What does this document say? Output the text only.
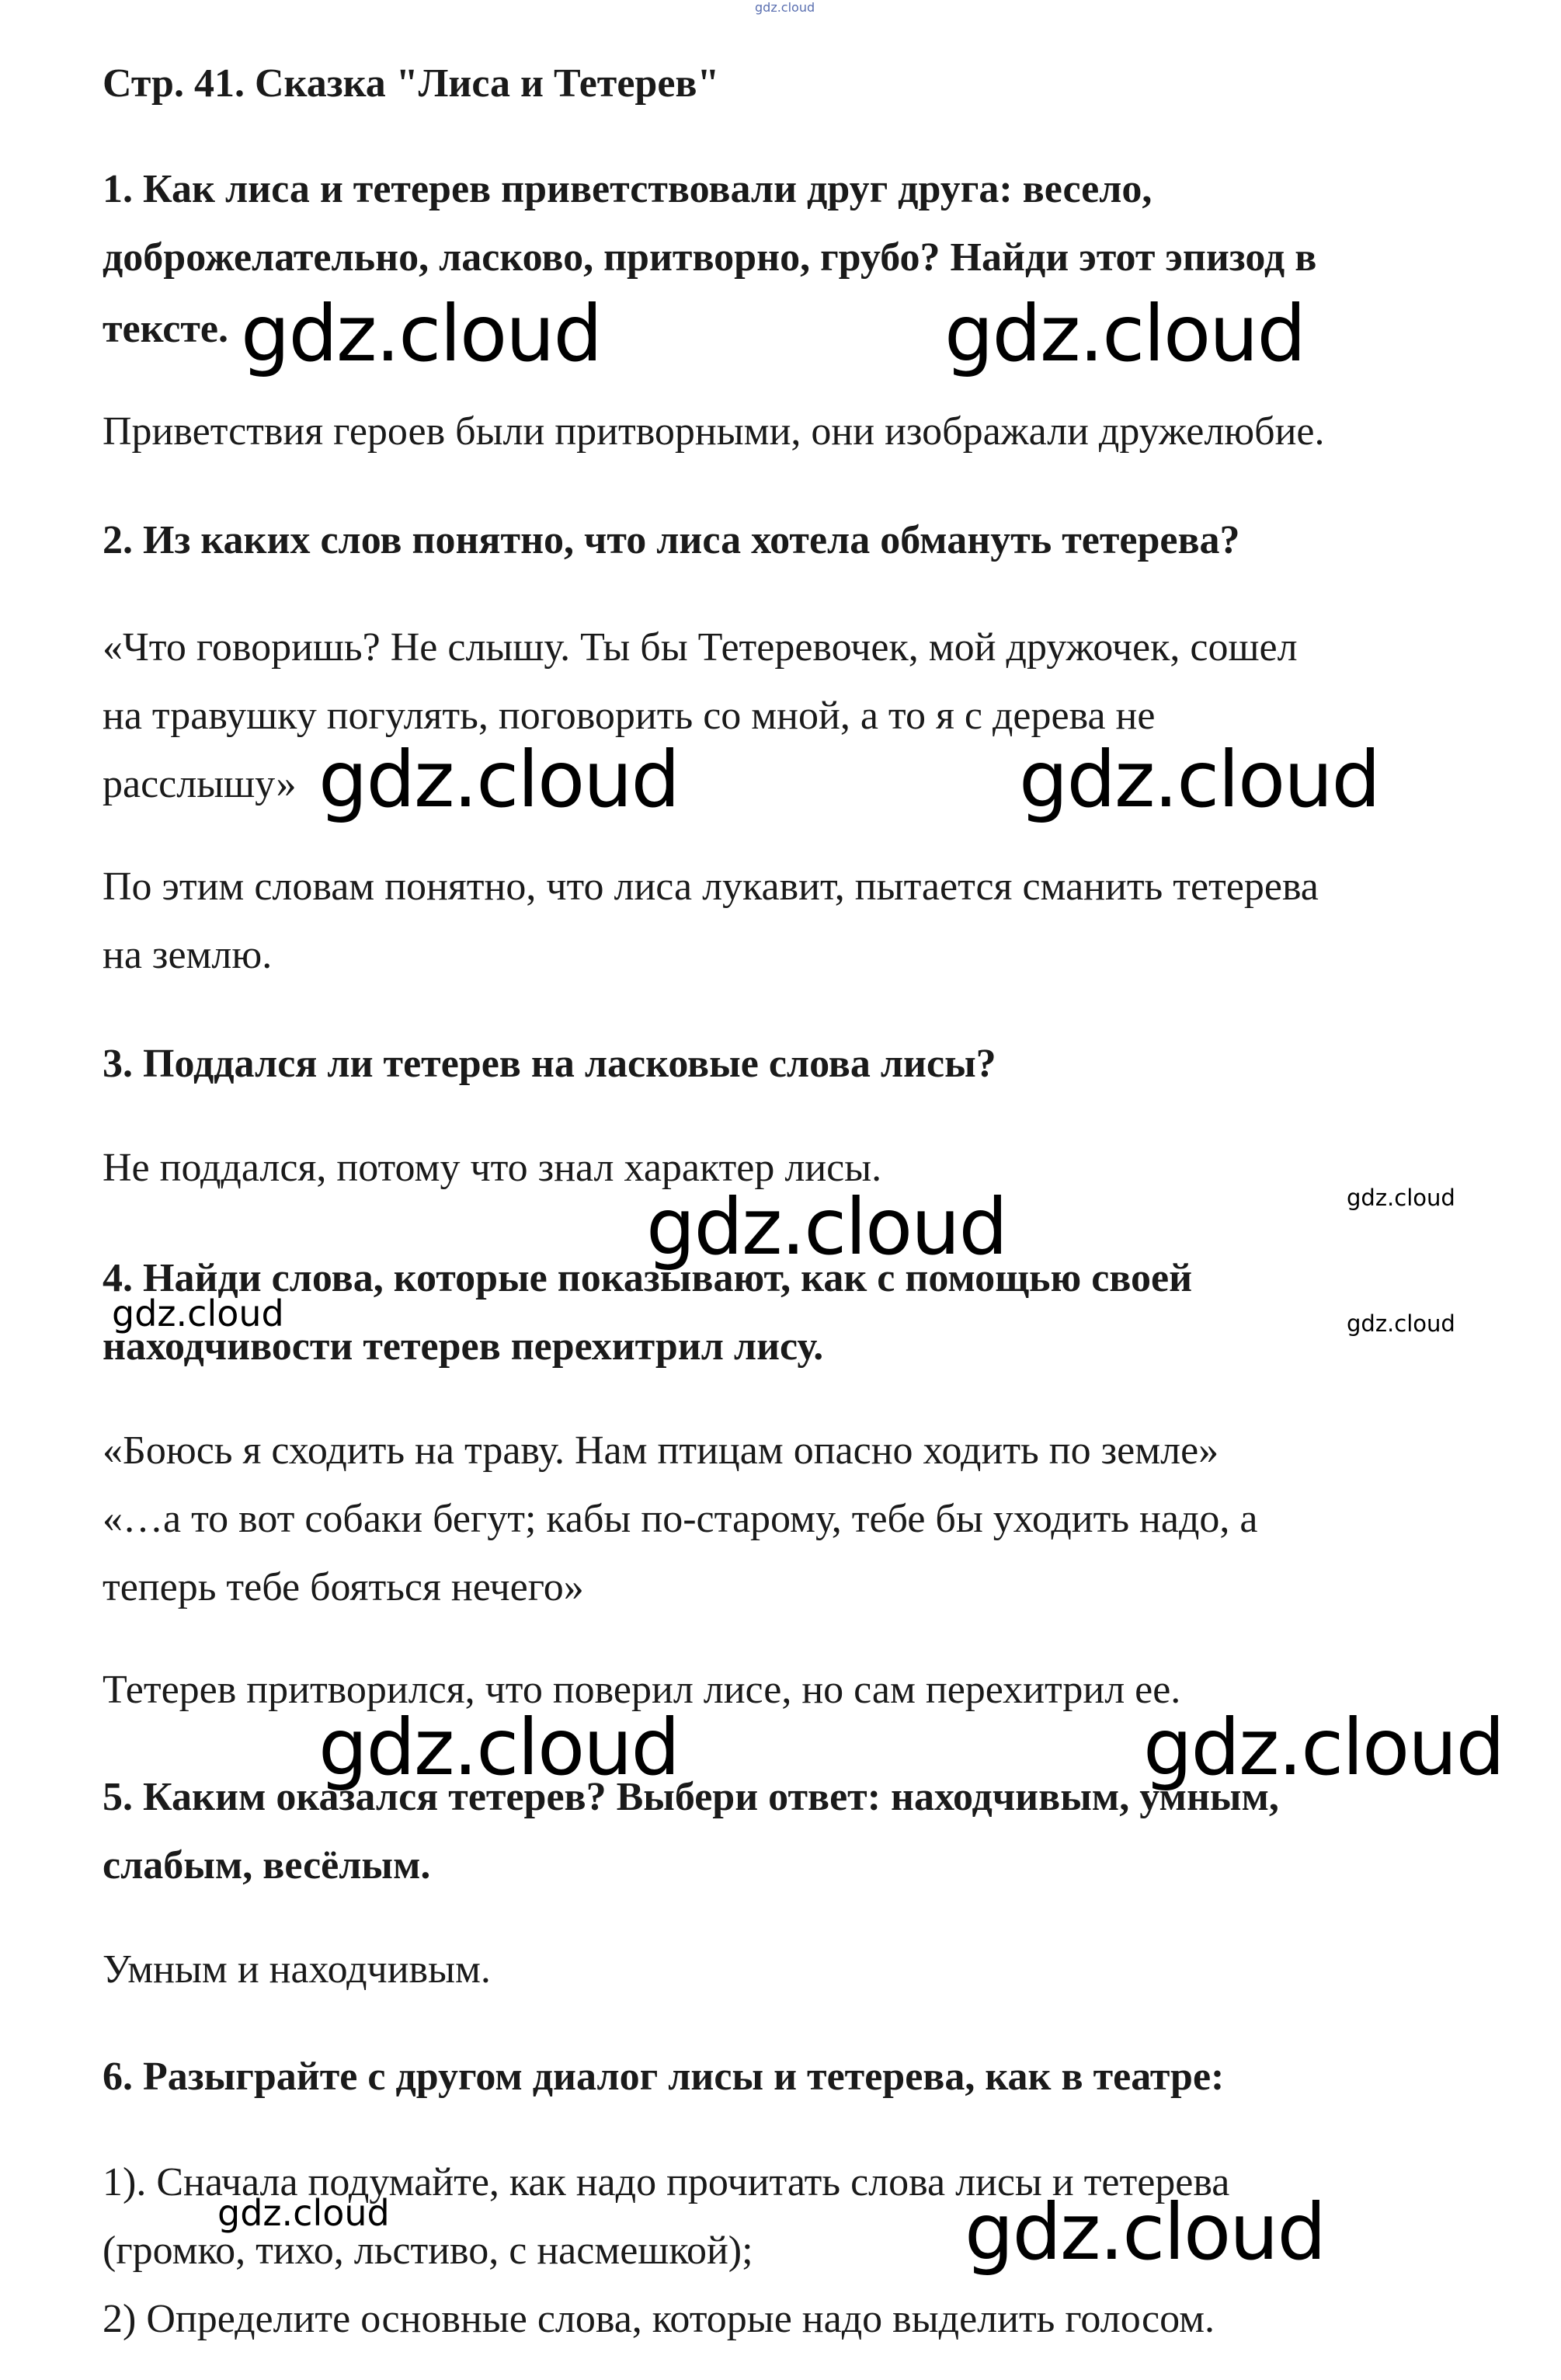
gdz.cloud
Стр. 41. Сказка "Лиса и Тетерев"
1. Как лиса и тетерев приветствовали друг друга: весело,
доброжелательно, ласково, притворно, грубо? Найди этот эпизод в
тексте.
Приветствия героев были притворными, они изображали дружелюбие.
2. Из каких слов понятно, что лиса хотела обмануть тетерева?
«Что говоришь? Не слышу. Ты бы Тетеревочек, мой дружочек, сошел
на травушку погулять, поговорить со мной, а то я с дерева не
расслышу»
По этим словам понятно, что лиса лукавит, пытается сманить тетерева
на землю.
3. Поддался ли тетерев на ласковые слова лисы?
Не поддался, потому что знал характер лисы.
4. Найди слова, которые показывают, как с помощью своей
находчивости тетерев перехитрил лису.
«Боюсь я сходить на траву. Нам птицам опасно ходить по земле»
«…а то вот собаки бегут; кабы по-старому, тебе бы уходить надо, а
теперь тебе бояться нечего»
Тетерев притворился, что поверил лисе, но сам перехитрил ее.
5. Каким оказался тетерев? Выбери ответ: находчивым, умным,
слабым, весёлым.
Умным и находчивым.
6. Разыграйте с другом диалог лисы и тетерева, как в театре:
1). Сначала подумайте, как надо прочитать слова лисы и тетерева
(громко, тихо, льстиво, с насмешкой);
2) Определите основные слова, которые надо выделить голосом.
gdz.cloud	gdz.cloud
gdz.cloud	gdz.cloud
gdz.cloud
gdz.cloud	gdz.cloud
gdz.cloud
gdz.cloud
gdz.cloud
gdz.cloud
gdz.cloud
